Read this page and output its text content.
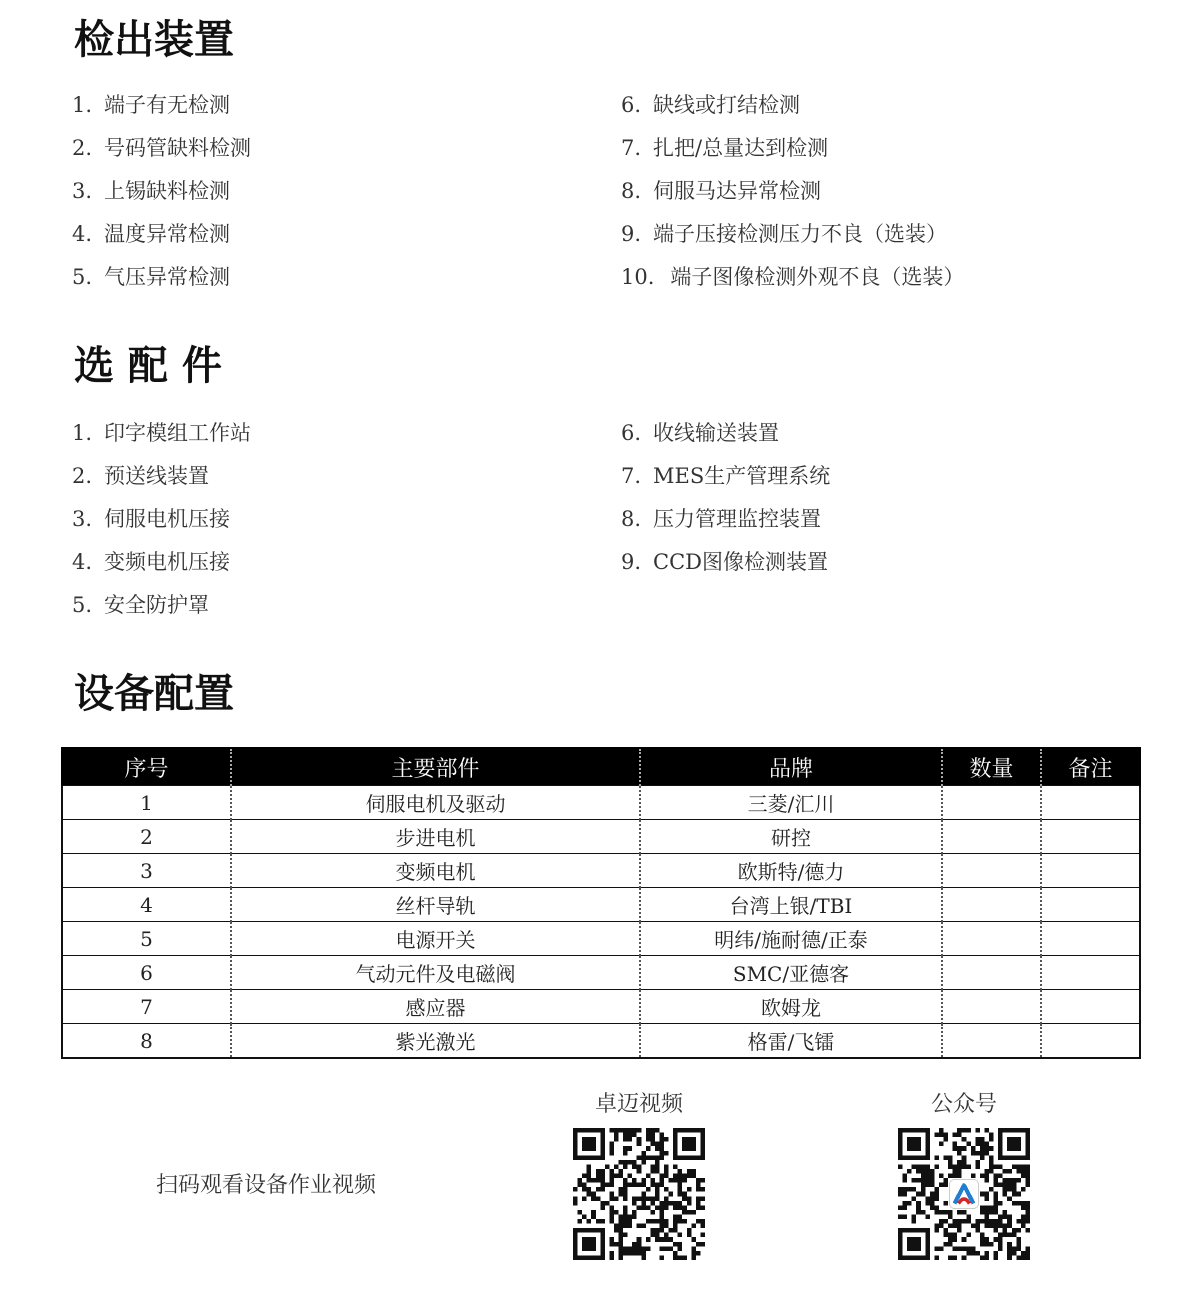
检出装置
1. 端子有无检测
2. 号码管缺料检测
3. 上锡缺料检测
4. 温度异常检测
5. 气压异常检测
6. 缺线或打结检测
7. 扎把/总量达到检测
8. 伺服马达异常检测
9. 端子压接检测压力不良（选装）
10. 端子图像检测外观不良（选装）
选 配 件
1. 印字模组工作站
2. 预送线装置
3. 伺服电机压接
4. 变频电机压接
5. 安全防护罩
6. 收线输送装置
7. MES生产管理系统
8. 压力管理监控装置
9. CCD图像检测装置
设备配置
序号	主要部件	品牌	数量	备注
1	伺服电机及驱动	三菱/汇川		
2	步进电机	研控		
3	变频电机	欧斯特/德力		
4	丝杆导轨	台湾上银/TBI		
5	电源开关	明纬/施耐德/正泰		
6	气动元件及电磁阀	SMC/亚德客		
7	感应器	欧姆龙		
8	紫光激光	格雷/飞镭		
扫码观看设备作业视频
卓迈视频	公众号
